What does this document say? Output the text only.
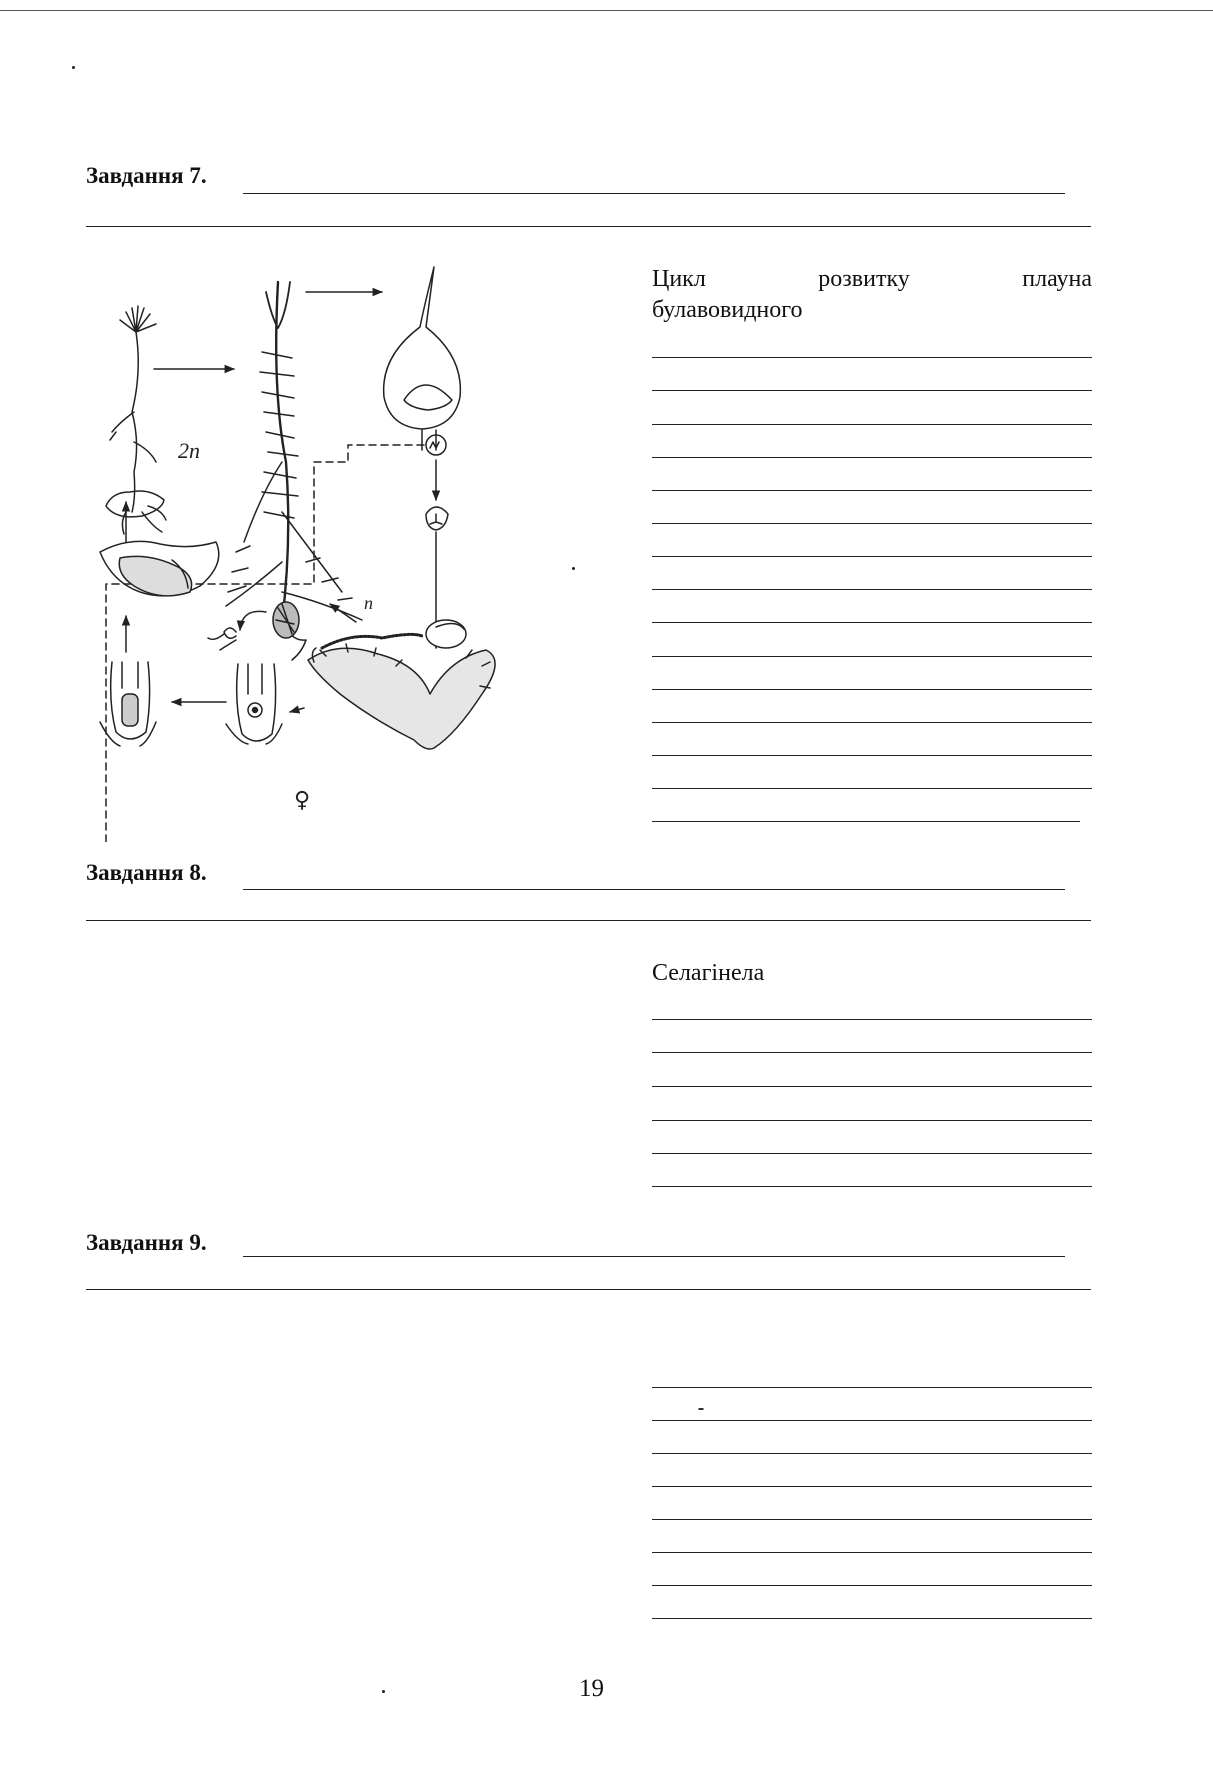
Завдання 7.
Цикл	розвитку	плауна
булавовидного
2n
n
♀
Завдання 8.
Селагінела
Завдання 9.
19
